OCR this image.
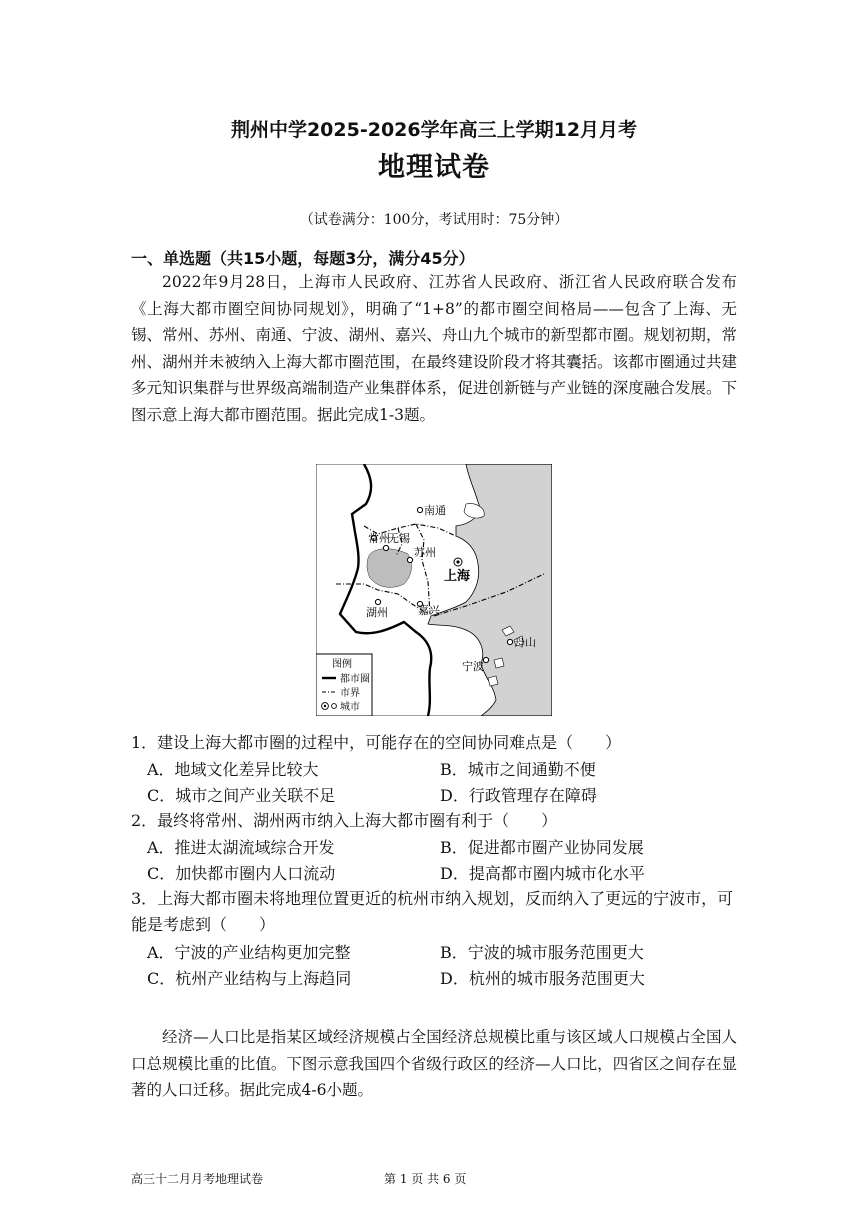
荆州中学2025-2026学年高三上学期12月月考
地理试卷
（试卷满分：100分，考试用时：75分钟）
一、单选题（共15小题，每题3分，满分45分）

2022年9月28日，上海市人民政府、江苏省人民政府、浙江省人民政府联合发布《上海大都市圈空间协同规划》，明确了“1+8”的都市圈空间格局——包含了上海、无锡、常州、苏州、南通、宁波、湖州、嘉兴、舟山九个城市的新型都市圈。规划初期，常州、湖州并未被纳入上海大都市圈范围，在最终建设阶段才将其囊括。该都市圈通过共建多元知识集群与世界级高端制造产业集群体系，促进创新链与产业链的深度融合发展。下图示意上海大都市圈范围。据此完成1-3题。

南通
常州
无锡
苏州
上海
湖州	嘉兴
舟山
宁波
图例
都市圈
市界
城市

1．建设上海大都市圈的过程中，可能存在的空间协同难点是（　　）

A．地域文化差异比较大	B．城市之间通勤不便
C．城市之间产业关联不足	D．行政管理存在障碍

2．最终将常州、湖州两市纳入上海大都市圈有利于（　　）

A．推进太湖流域综合开发	B．促进都市圈产业协同发展
C．加快都市圈内人口流动	D．提高都市圈内城市化水平

3．上海大都市圈未将地理位置更近的杭州市纳入规划，反而纳入了更远的宁波市，可能是考虑到（　　）

A．宁波的产业结构更加完整	B．宁波的城市服务范围更大
C．杭州产业结构与上海趋同	D．杭州的城市服务范围更大

经济—人口比是指某区域经济规模占全国经济总规模比重与该区域人口规模占全国人口总规模比重的比值。下图示意我国四个省级行政区的经济—人口比，四省区之间存在显著的人口迁移。据此完成4-6小题。

高三十二月月考地理试卷	第 1 页 共 6 页
